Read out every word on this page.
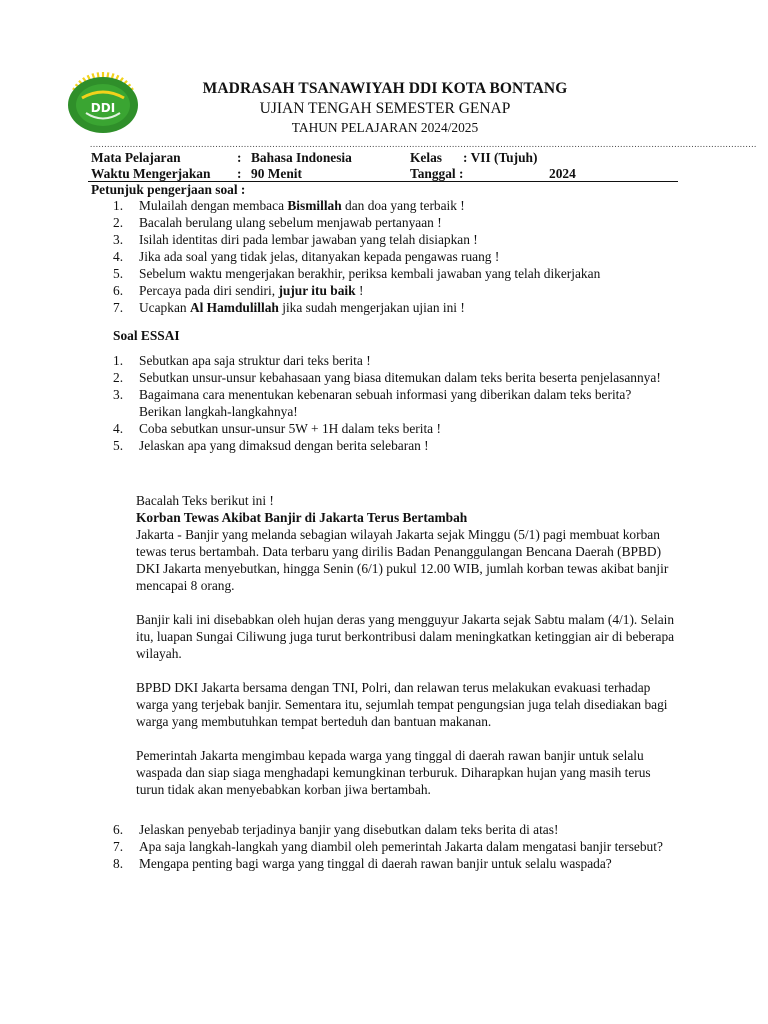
DDI
MADRASAH TSANAWIYAH DDI KOTA BONTANG
UJIAN TENGAH SEMESTER GENAP
TAHUN PELAJARAN 2024/2025
..........................................................................................................................................................................................................................................
Mata Pelajaran	: Bahasa Indonesia	Kelas : VII (Tujuh)
Waktu Mengerjakan : 90 Menit	Tanggal :	2024
Petunjuk pengerjaan soal :
1. Mulailah dengan membaca Bismillah dan doa yang terbaik !
2. Bacalah berulang ulang sebelum menjawab pertanyaan !
3. Isilah identitas diri pada lembar jawaban yang telah disiapkan !
4. Jika ada soal yang tidak jelas, ditanyakan kepada pengawas ruang !
5. Sebelum waktu mengerjakan berakhir, periksa kembali jawaban yang telah dikerjakan
6. Percaya pada diri sendiri, jujur itu baik !
7. Ucapkan Al Hamdulillah jika sudah mengerjakan ujian ini !
Soal ESSAI
1. Sebutkan apa saja struktur dari teks berita !
2. Sebutkan unsur-unsur kebahasaan yang biasa ditemukan dalam teks berita beserta penjelasannya!
3. Bagaimana cara menentukan kebenaran sebuah informasi yang diberikan dalam teks berita? Berikan langkah-langkahnya!
4. Coba sebutkan unsur-unsur 5W + 1H dalam teks berita !
5. Jelaskan apa yang dimaksud dengan berita selebaran !

Bacalah Teks berikut ini !

Korban Tewas Akibat Banjir di Jakarta Terus Bertambah

Jakarta - Banjir yang melanda sebagian wilayah Jakarta sejak Minggu (5/1) pagi membuat korban tewas terus bertambah. Data terbaru yang dirilis Badan Penanggulangan Bencana Daerah (BPBD) DKI Jakarta menyebutkan, hingga Senin (6/1) pukul 12.00 WIB, jumlah korban tewas akibat banjir mencapai 8 orang.

Banjir kali ini disebabkan oleh hujan deras yang mengguyur Jakarta sejak Sabtu malam (4/1). Selain itu, luapan Sungai Ciliwung juga turut berkontribusi dalam meningkatkan ketinggian air di beberapa wilayah.

BPBD DKI Jakarta bersama dengan TNI, Polri, dan relawan terus melakukan evakuasi terhadap warga yang terjebak banjir. Sementara itu, sejumlah tempat pengungsian juga telah disediakan bagi warga yang membutuhkan tempat berteduh dan bantuan makanan.

Pemerintah Jakarta mengimbau kepada warga yang tinggal di daerah rawan banjir untuk selalu waspada dan siap siaga menghadapi kemungkinan terburuk. Diharapkan hujan yang masih terus turun tidak akan menyebabkan korban jiwa bertambah.

6. Jelaskan penyebab terjadinya banjir yang disebutkan dalam teks berita di atas!
7. Apa saja langkah-langkah yang diambil oleh pemerintah Jakarta dalam mengatasi banjir tersebut?
8. Mengapa penting bagi warga yang tinggal di daerah rawan banjir untuk selalu waspada?
